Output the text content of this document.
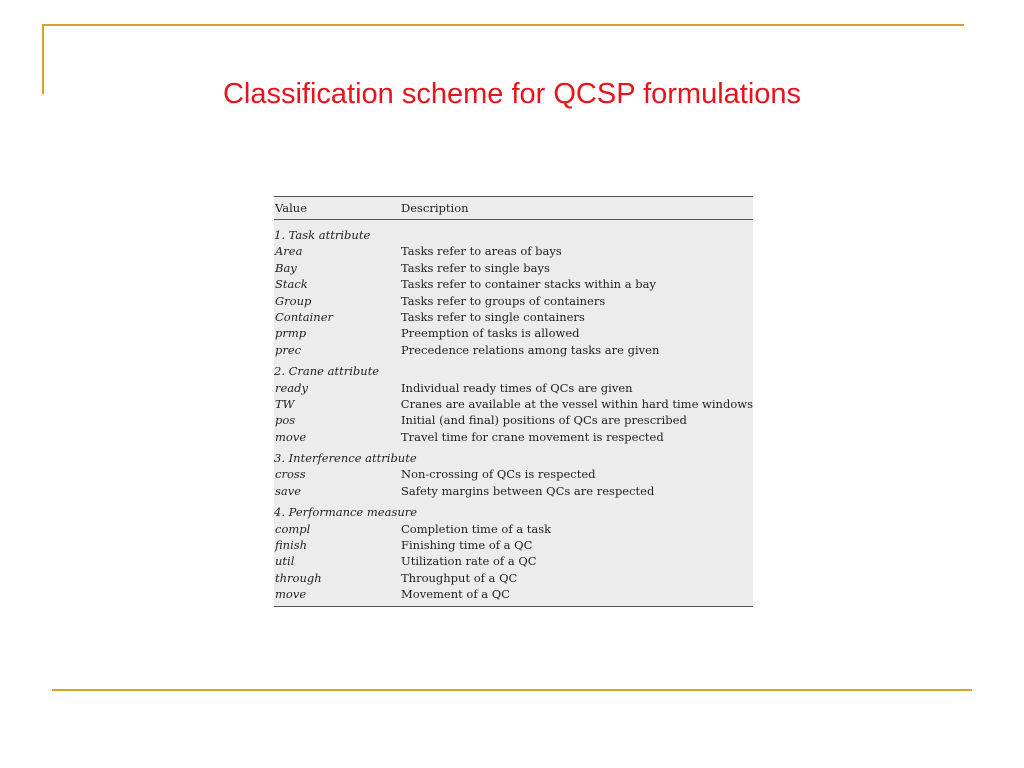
Classification scheme for QCSP formulations
Value	Description
1. Task attribute
Area	Tasks refer to areas of bays
Bay	Tasks refer to single bays
Stack	Tasks refer to container stacks within a bay
Group	Tasks refer to groups of containers
Container	Tasks refer to single containers
prmp	Preemption of tasks is allowed
prec	Precedence relations among tasks are given
2. Crane attribute
ready	Individual ready times of QCs are given
TW	Cranes are available at the vessel within hard time windows
pos	Initial (and final) positions of QCs are prescribed
move	Travel time for crane movement is respected
3. Interference attribute
cross	Non-crossing of QCs is respected
save	Safety margins between QCs are respected
4. Performance measure
compl	Completion time of a task
finish	Finishing time of a QC
util	Utilization rate of a QC
through	Throughput of a QC
move	Movement of a QC
